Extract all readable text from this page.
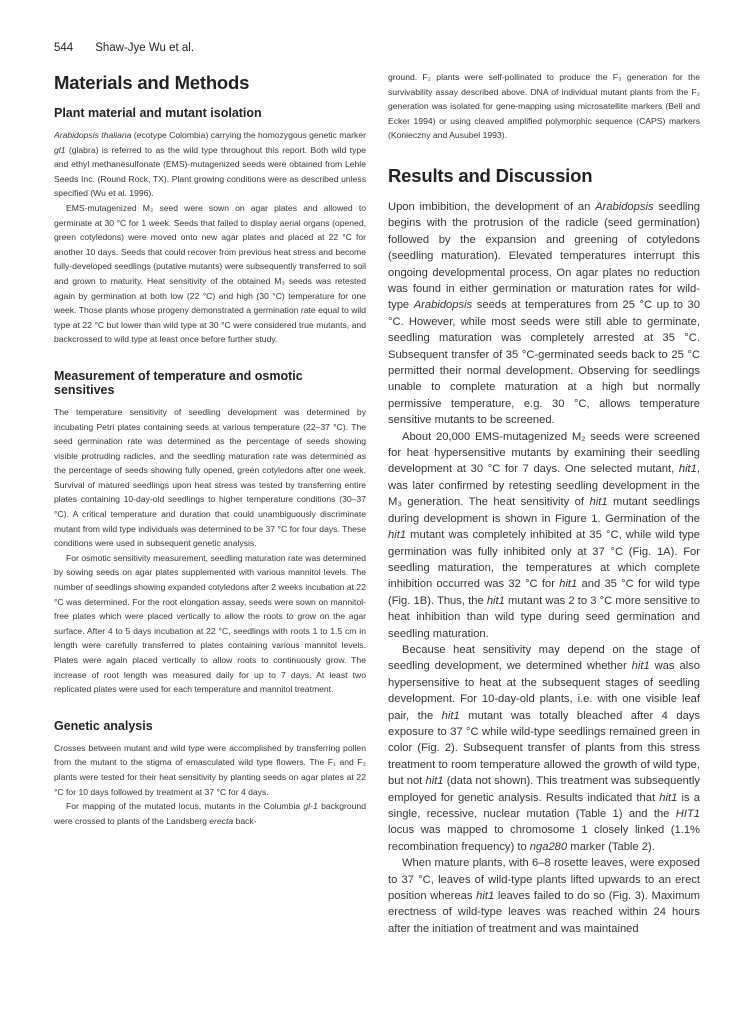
544 Shaw-Jye Wu et al.
Materials and Methods
Plant material and mutant isolation

Arabidopsis thaliana (ecotype Colombia) carrying the homozygous genetic marker gl1 (glabra) is referred to as the wild type throughout this report. Both wild type and ethyl methanesulfonate (EMS)-mutagenized seeds were obtained from Lehle Seeds Inc. (Round Rock, TX). Plant growing conditions were as described unless specified (Wu et al. 1996).

EMS-mutagenized M₂ seed were sown on agar plates and allowed to germinate at 30 °C for 1 week. Seeds that failed to display aerial organs (opened, green cotyledons) were moved onto new agar plates and placed at 22 °C for another 10 days. Seeds that could recover from previous heat stress and become fully-developed seedlings (putative mutants) were subsequently transferred to soil and grown to maturity. Heat sensitivity of the obtained M₃ seeds was retested again by germination at both low (22 °C) and high (30 °C) temperature for one week. Those plants whose progeny demonstrated a germination rate equal to wild type at 22 °C but lower than wild type at 30 °C were considered true mutants, and backcrossed to wild type at least once before further study.

Measurement of temperature and osmotic sensitives

The temperature sensitivity of seedling development was determined by incubating Petri plates containing seeds at various temperature (22–37 °C). The seed germination rate was determined as the percentage of seeds showing visible protruding radicles, and the seedling maturation rate was determined as the percentage of seeds showing fully opened, green cotyledons after one week. Survival of matured seedlings upon heat stress was tested by transferring entire plates containing 10-day-old seedlings to higher temperature conditions (30–37 °C). A critical temperature and duration that could unambiguously discriminate mutant from wild type individuals was determined to be 37 °C for four days. These conditions were used in subsequent genetic analysis.

For osmotic sensitivity measurement, seedling maturation rate was determined by sowing seeds on agar plates supplemented with various mannitol levels. The number of seedlings showing expanded cotyledons after 2 weeks incubation at 22 °C was determined. For the root elongation assay, seeds were sown on mannitol-free plates which were placed vertically to allow the roots to grow on the agar surface. After 4 to 5 days incubation at 22 °C, seedlings with roots 1 to 1.5 cm in length were carefully transferred to plates containing various mannitol levels. Plates were again placed vertically to allow roots to continuously grow. The increase of root length was measured daily for up to 7 days. At least two replicated plates were used for each temperature and mannitol treatment.

Genetic analysis

Crosses between mutant and wild type were accomplished by transferring pollen from the mutant to the stigma of emasculated wild type flowers. The F₁ and F₂ plants were tested for their heat sensitivity by planting seeds on agar plates at 22 °C for 10 days followed by treatment at 37 °C for 4 days.

For mapping of the mutated locus, mutants in the Columbia gl-1 background were crossed to plants of the Landsberg erecta back-

ground. F₂ plants were self-pollinated to produce the F₃ generation for the survivability assay described above. DNA of individual mutant plants from the F₂ generation was isolated for gene-mapping using microsatellite markers (Bell and Ecker 1994) or using cleaved amplified polymorphic sequence (CAPS) markers (Konieczny and Ausubel 1993).

Results and Discussion

Upon imbibition, the development of an Arabidopsis seedling begins with the protrusion of the radicle (seed germination) followed by the expansion and greening of cotyledons (seedling maturation). Elevated temperatures interrupt this ongoing developmental process. On agar plates no reduction was found in either germination or maturation rates for wild-type Arabidopsis seeds at temperatures from 25 °C up to 30 °C. However, while most seeds were still able to germinate, seedling maturation was completely arrested at 35 °C. Subsequent transfer of 35 °C-germinated seeds back to 25 °C permitted their normal development. Observing for seedlings unable to complete maturation at a high but normally permissive temperature, e.g. 30 °C, allows temperature sensitive mutants to be screened.

About 20,000 EMS-mutagenized M₂ seeds were screened for heat hypersensitive mutants by examining their seedling development at 30 °C for 7 days. One selected mutant, hit1, was later confirmed by retesting seedling development in the M₃ generation. The heat sensitivity of hit1 mutant seedlings during development is shown in Figure 1. Germination of the hit1 mutant was completely inhibited at 35 °C, while wild type germination was fully inhibited only at 37 °C (Fig. 1A). For seedling maturation, the temperatures at which complete inhibition occurred was 32 °C for hit1 and 35 °C for wild type (Fig. 1B). Thus, the hit1 mutant was 2 to 3 °C more sensitive to heat inhibition than wild type during seed germination and seedling maturation.

Because heat sensitivity may depend on the stage of seedling development, we determined whether hit1 was also hypersensitive to heat at the subsequent stages of seedling development. For 10-day-old plants, i.e. with one visible leaf pair, the hit1 mutant was totally bleached after 4 days exposure to 37 °C while wild-type seedlings remained green in color (Fig. 2). Subsequent transfer of plants from this stress treatment to room temperature allowed the growth of wild type, but not hit1 (data not shown). This treatment was subsequently employed for genetic analysis. Results indicated that hit1 is a single, recessive, nuclear mutation (Table 1) and the HIT1 locus was mapped to chromosome 1 closely linked (1.1% recombination frequency) to nga280 marker (Table 2).

When mature plants, with 6–8 rosette leaves, were exposed to 37 °C, leaves of wild-type plants lifted upwards to an erect position whereas hit1 leaves failed to do so (Fig. 3). Maximum erectness of wild-type leaves was reached within 24 hours after the initiation of treatment and was maintained
